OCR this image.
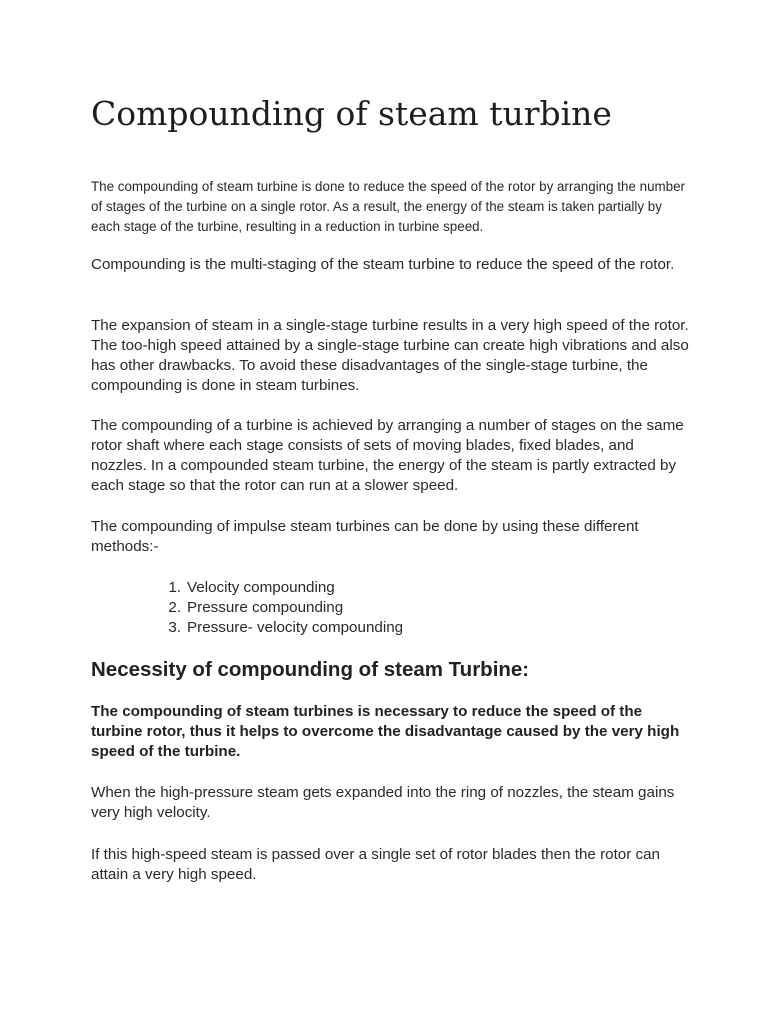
Compounding of steam turbine

The compounding of steam turbine is done to reduce the speed of the rotor by arranging the number of stages of the turbine on a single rotor. As a result, the energy of the steam is taken partially by each stage of the turbine, resulting in a reduction in turbine speed.

Compounding is the multi-staging of the steam turbine to reduce the speed of the rotor.

The expansion of steam in a single-stage turbine results in a very high speed of the rotor. The too-high speed attained by a single-stage turbine can create high vibrations and also has other drawbacks. To avoid these disadvantages of the single-stage turbine, the compounding is done in steam turbines.

The compounding of a turbine is achieved by arranging a number of stages on the same rotor shaft where each stage consists of sets of moving blades, fixed blades, and nozzles. In a compounded steam turbine, the energy of the steam is partly extracted by each stage so that the rotor can run at a slower speed.

The compounding of impulse steam turbines can be done by using these different methods:-

1. Velocity compounding
2. Pressure compounding
3. Pressure- velocity compounding
Necessity of compounding of steam Turbine:

The compounding of steam turbines is necessary to reduce the speed of the turbine rotor, thus it helps to overcome the disadvantage caused by the very high speed of the turbine.

When the high-pressure steam gets expanded into the ring of nozzles, the steam gains very high velocity.

If this high-speed steam is passed over a single set of rotor blades then the rotor can attain a very high speed.
